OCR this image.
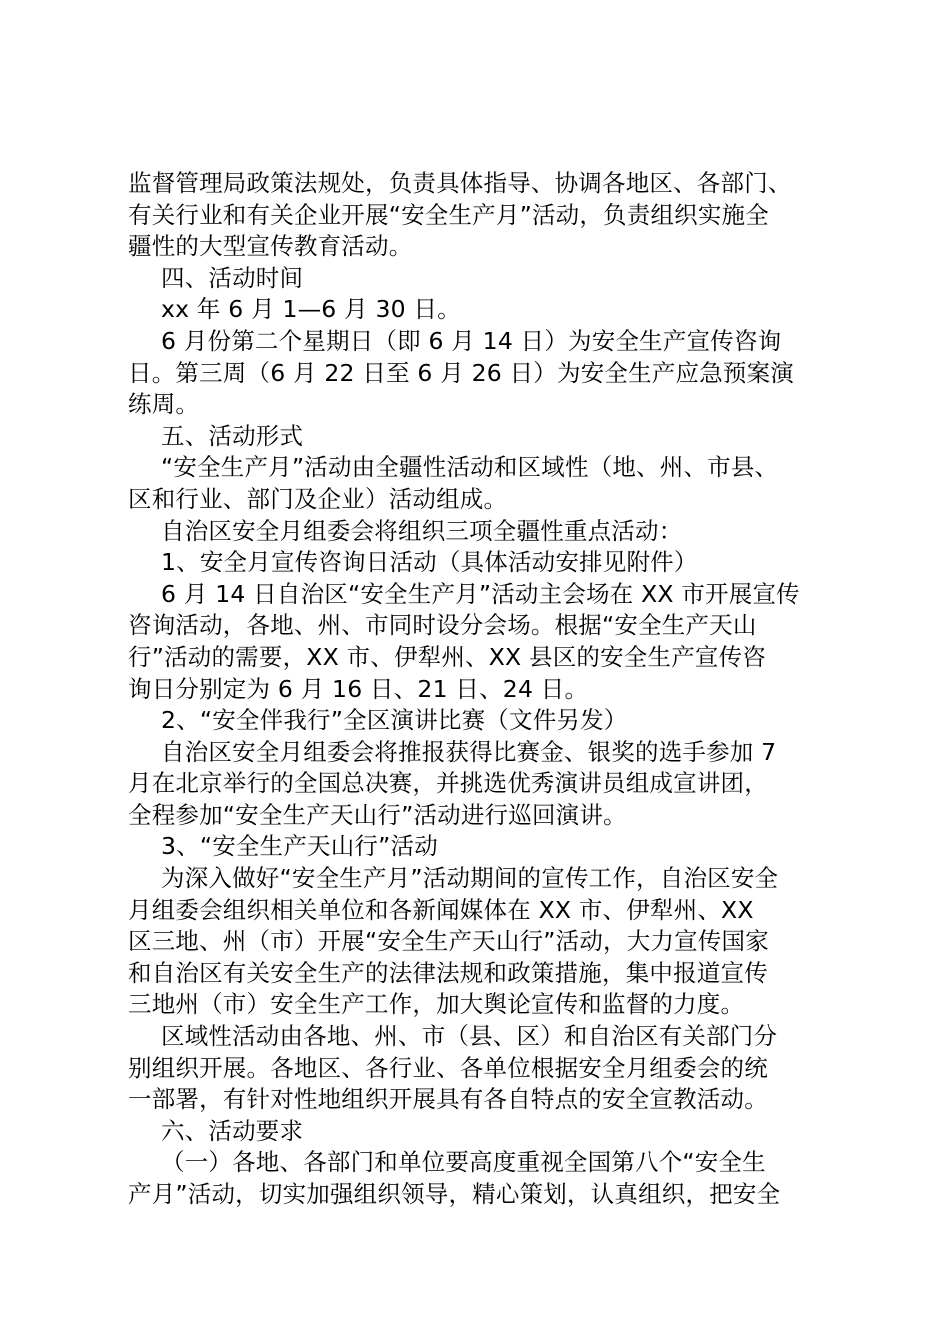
监督管理局政策法规处，负责具体指导、协调各地区、各部门、
有关行业和有关企业开展“安全生产月”活动，负责组织实施全
疆性的大型宣传教育活动。
四、活动时间
xx 年 6 月 1—6 月 30 日。
6 月份第二个星期日（即 6 月 14 日）为安全生产宣传咨询
日。第三周（6 月 22 日至 6 月 26 日）为安全生产应急预案演
练周。
五、活动形式
“安全生产月”活动由全疆性活动和区域性（地、州、市县、
区和行业、部门及企业）活动组成。
自治区安全月组委会将组织三项全疆性重点活动：
1、安全月宣传咨询日活动（具体活动安排见附件）
6 月 14 日自治区“安全生产月”活动主会场在 XX 市开展宣传
咨询活动，各地、州、市同时设分会场。根据“安全生产天山
行”活动的需要，XX 市、伊犁州、XX 县区的安全生产宣传咨
询日分别定为 6 月 16 日、21 日、24 日。
2、“安全伴我行”全区演讲比赛（文件另发）
自治区安全月组委会将推报获得比赛金、银奖的选手参加 7
月在北京举行的全国总决赛，并挑选优秀演讲员组成宣讲团，
全程参加“安全生产天山行”活动进行巡回演讲。
3、“安全生产天山行”活动
为深入做好“安全生产月”活动期间的宣传工作，自治区安全
月组委会组织相关单位和各新闻媒体在 XX 市、伊犁州、XX
区三地、州（市）开展“安全生产天山行”活动，大力宣传国家
和自治区有关安全生产的法律法规和政策措施，集中报道宣传
三地州（市）安全生产工作，加大舆论宣传和监督的力度。
区域性活动由各地、州、市（县、区）和自治区有关部门分
别组织开展。各地区、各行业、各单位根据安全月组委会的统
一部署，有针对性地组织开展具有各自特点的安全宣教活动。
六、活动要求
（一）各地、各部门和单位要高度重视全国第八个“安全生
产月”活动，切实加强组织领导，精心策划，认真组织，把安全
